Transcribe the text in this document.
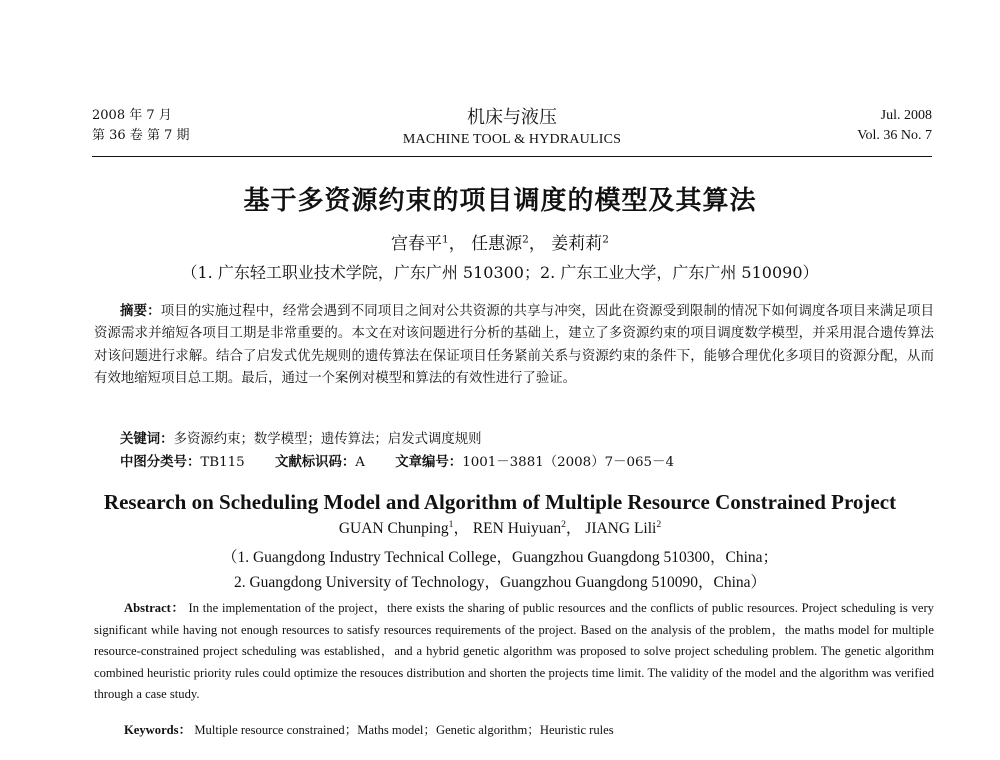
2008 年 7 月
第 36 卷 第 7 期
机床与液压
MACHINE TOOL & HYDRAULICS
Jul. 2008
Vol. 36 No. 7
基于多资源约束的项目调度的模型及其算法
宫春平$^1$， 任惠源$^2$， 姜莉莉$^2$
（1. 广东轻工职业技术学院，广东广州 510300；2. 广东工业大学，广东广州 510090）

摘要：项目的实施过程中，经常会遇到不同项目之间对公共资源的共享与冲突，因此在资源受到限制的情况下如何调度各项目来满足项目资源需求并缩短各项目工期是非常重要的。本文在对该问题进行分析的基础上，建立了多资源约束的项目调度数学模型，并采用混合遗传算法对该问题进行求解。结合了启发式优先规则的遗传算法在保证项目任务紧前关系与资源约束的条件下，能够合理优化多项目的资源分配，从而有效地缩短项目总工期。最后，通过一个案例对模型和算法的有效性进行了验证。

关键词：多资源约束；数学模型；遗传算法；启发式调度规则
中图分类号：TB115 文献标识码：A 文章编号：1001－3881（2008）7－065－4
Research on Scheduling Model and Algorithm of Multiple Resource Constrained Project
GUAN Chunping$^1$， REN Huiyuan$^2$， JIANG Lili$^2$
（1. Guangdong Industry Technical College，Guangzhou Guangdong 510300，China；
2. Guangdong University of Technology，Guangzhou Guangdong 510090，China）

Abstract： In the implementation of the project，there exists the sharing of public resources and the conflicts of public resources. Project scheduling is very significant while having not enough resources to satisfy resources requirements of the project. Based on the analysis of the problem，the maths model for multiple resource-constrained project scheduling was established，and a hybrid genetic algorithm was proposed to solve project scheduling problem. The genetic algorithm combined heuristic priority rules could optimize the resouces distribution and shorten the projects time limit. The validity of the model and the algorithm was verified through a case study.

Keywords： Multiple resource constrained；Maths model；Genetic algorithm；Heuristic rules
